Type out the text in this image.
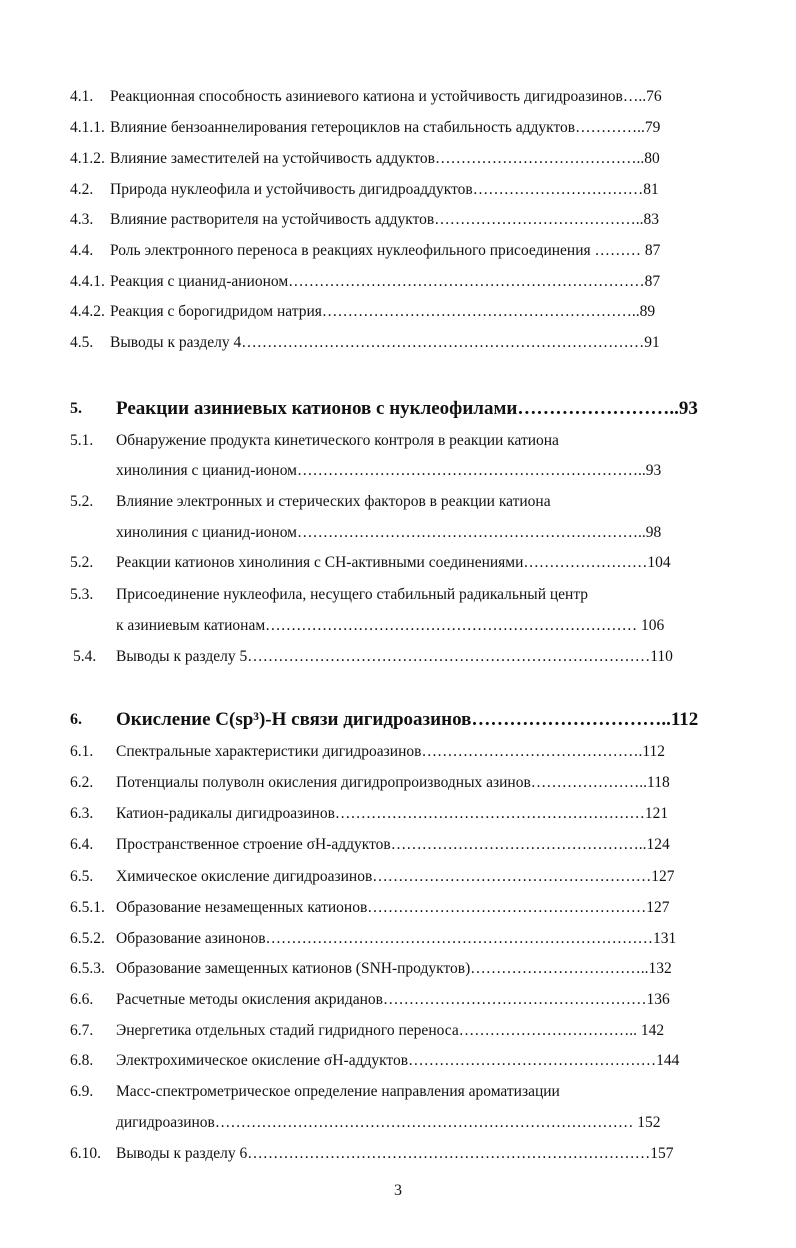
4.1. Реакционная способность азиниевого катиона и устойчивость дигидроазинов…..76
4.1.1. Влияние бензоаннелирования гетероциклов на стабильность аддуктов…………..79
4.1.2. Влияние заместителей на устойчивость аддуктов…………………………………..80
4.2. Природа нуклеофила и устойчивость дигидроаддуктов……………………………81
4.3. Влияние растворителя на устойчивость аддуктов…………………………………..83
4.4. Роль электронного переноса в реакциях нуклеофильного присоединения ……… 87
4.4.1. Реакция с цианид-анионом……………………………………………………………87
4.4.2. Реакция с борогидридом натрия……………………………………………………..89
4.5. Выводы к разделу 4……………………………………………………………………91
5. Реакции азиниевых катионов с нуклеофилами……………………..93
5.1. Обнаружение продукта кинетического контроля в реакции катиона
хинолиния с цианид-ионом…………………………………………………………..93
5.2. Влияние электронных и стерических факторов в реакции катиона
хинолиния с цианид-ионом…………………………………………………………..98
5.2. Реакции катионов хинолиния с СН-активными соединениями……………………104
5.3. Присоединение нуклеофила, несущего стабильный радикальный центр
к азиниевым катионам……………………………………………………………… 106
5.4. Выводы к разделу 5……………………………………………………………………110
6. Окисление C(sp³)-H связи дигидроазинов…………………………..112
6.1. Спектральные характеристики дигидроазинов…………………………………….112
6.2. Потенциалы полуволн окисления дигидропроизводных азинов…………………..118
6.3. Катион-радикалы дигидроазинов……………………………………………………121
6.4. Пространственное строение σH-аддуктов…………………………………………..124
6.5. Химическое окисление дигидроазинов………………………………………………127
6.5.1. Образование незамещенных катионов………………………………………………127
6.5.2. Образование азинонов…………………………………………………………………131
6.5.3. Образование замещенных катионов (SNH-продуктов)……………………………..132
6.6. Расчетные методы окисления акриданов……………………………………………136
6.7. Энергетика отдельных стадий гидридного переноса…………………………….. 142
6.8. Электрохимическое окисление σH-аддуктов…………………………………………144
6.9. Масс-спектрометрическое определение направления ароматизации
дигидроазинов……………………………………………………………………… 152
6.10. Выводы к разделу 6……………………………………………………………………157
3
